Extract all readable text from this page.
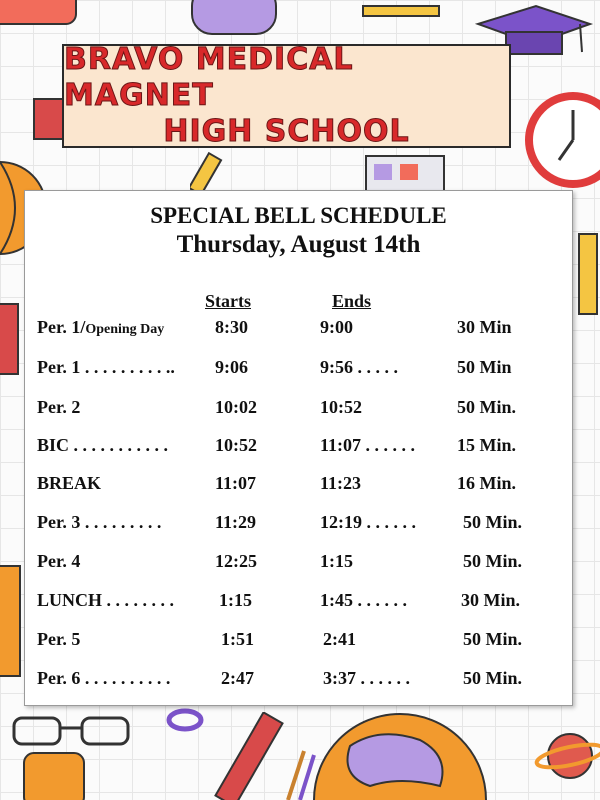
BRAVO MEDICAL MAGNET
HIGH SCHOOL
SPECIAL BELL SCHEDULE
Thursday, August 14th
Starts	Ends
Per. 1/Opening Day	8:30	9:00	30 Min
Per. 1 . . . . . . . . . .. 9:06	9:56 . . . . .	50 Min
Per. 2	10:02	10:52	50 Min.
BIC . . . . . . . . . . .	10:52	11:07 . . . . . . 15 Min.
BREAK	11:07	11:23	16 Min.
Per. 3 . . . . . . . . .	11:29	12:19 . . . . . .	50 Min.
Per. 4	12:25	1:15	50 Min.
LUNCH . . . . . . . . 1:15	1:45 . . . . . .	30 Min.
Per. 5	1:51	2:41	50 Min.
Per. 6 . . . . . . . . . .	2:47	3:37 . . . . . .	50 Min.
